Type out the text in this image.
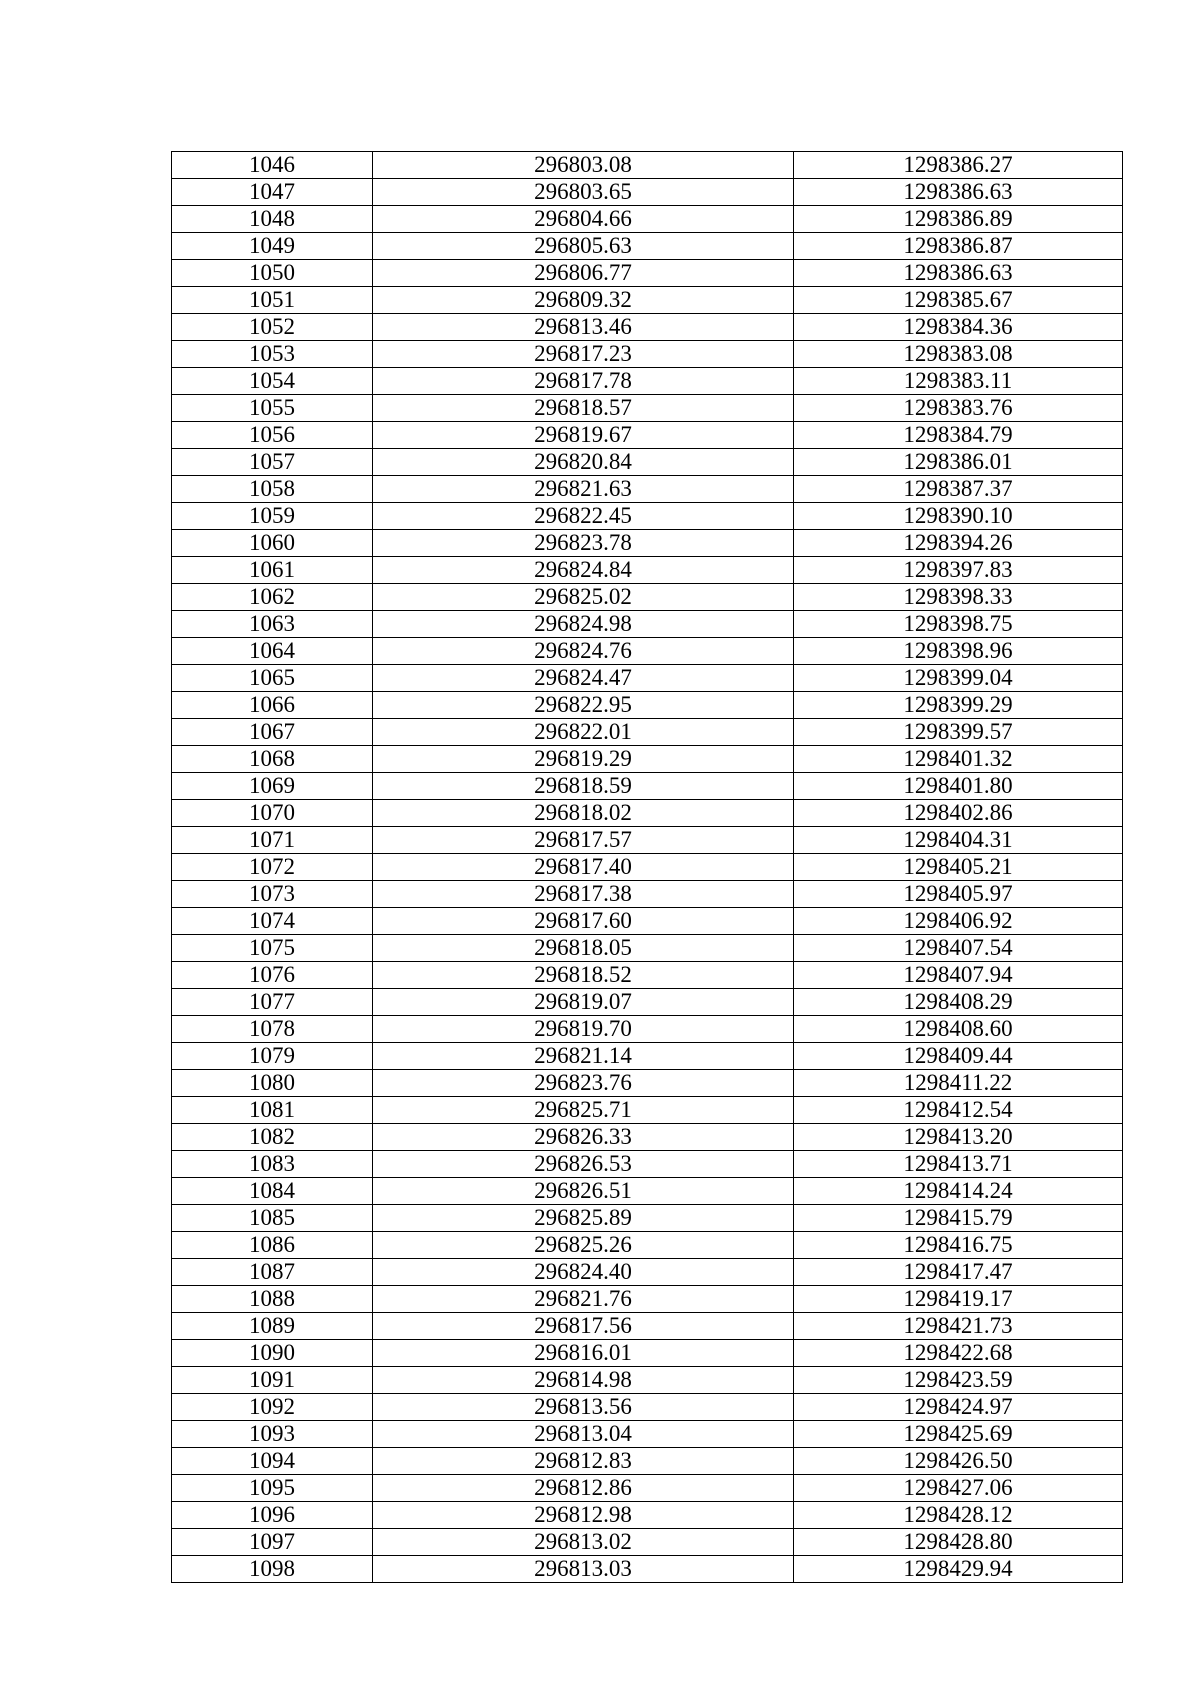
1046	296803.08	1298386.27
1047	296803.65	1298386.63
1048	296804.66	1298386.89
1049	296805.63	1298386.87
1050	296806.77	1298386.63
1051	296809.32	1298385.67
1052	296813.46	1298384.36
1053	296817.23	1298383.08
1054	296817.78	1298383.11
1055	296818.57	1298383.76
1056	296819.67	1298384.79
1057	296820.84	1298386.01
1058	296821.63	1298387.37
1059	296822.45	1298390.10
1060	296823.78	1298394.26
1061	296824.84	1298397.83
1062	296825.02	1298398.33
1063	296824.98	1298398.75
1064	296824.76	1298398.96
1065	296824.47	1298399.04
1066	296822.95	1298399.29
1067	296822.01	1298399.57
1068	296819.29	1298401.32
1069	296818.59	1298401.80
1070	296818.02	1298402.86
1071	296817.57	1298404.31
1072	296817.40	1298405.21
1073	296817.38	1298405.97
1074	296817.60	1298406.92
1075	296818.05	1298407.54
1076	296818.52	1298407.94
1077	296819.07	1298408.29
1078	296819.70	1298408.60
1079	296821.14	1298409.44
1080	296823.76	1298411.22
1081	296825.71	1298412.54
1082	296826.33	1298413.20
1083	296826.53	1298413.71
1084	296826.51	1298414.24
1085	296825.89	1298415.79
1086	296825.26	1298416.75
1087	296824.40	1298417.47
1088	296821.76	1298419.17
1089	296817.56	1298421.73
1090	296816.01	1298422.68
1091	296814.98	1298423.59
1092	296813.56	1298424.97
1093	296813.04	1298425.69
1094	296812.83	1298426.50
1095	296812.86	1298427.06
1096	296812.98	1298428.12
1097	296813.02	1298428.80
1098	296813.03	1298429.94
